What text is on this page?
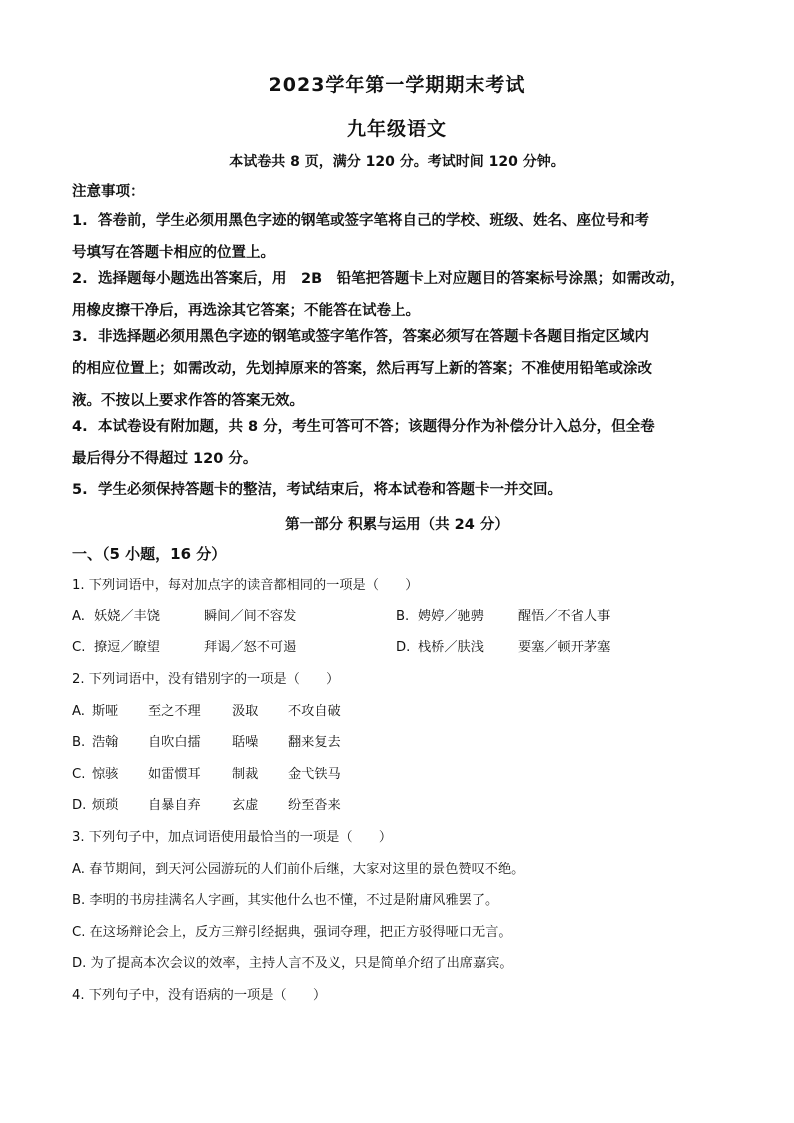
2023学年第一学期期末考试
九年级语文
本试卷共 8 页，满分 120 分。考试时间 120 分钟。
注意事项：
1. 答卷前，学生必须用黑色字迹的钢笔或签字笔将自己的学校、班级、姓名、座位号和考
号填写在答题卡相应的位置上。
2. 选择题每小题选出答案后，用　2B　铅笔把答题卡上对应题目的答案标号涂黑；如需改动，
用橡皮擦干净后，再选涂其它答案；不能答在试卷上。
3. 非选择题必须用黑色字迹的钢笔或签字笔作答，答案必须写在答题卡各题目指定区域内
的相应位置上；如需改动，先划掉原来的答案，然后再写上新的答案；不准使用铅笔或涂改
液。不按以上要求作答的答案无效。
4. 本试卷设有附加题，共 8 分，考生可答可不答；该题得分作为补偿分计入总分，但全卷
最后得分不得超过 120 分。
5. 学生必须保持答题卡的整洁，考试结束后，将本试卷和答题卡一并交回。
第一部分 积累与运用（共 24 分）
一、（5 小题，16 分）
1. 下列词语中，每对加点字的读音都相同的一项是（　　）
A. 妖娆／丰饶	瞬间／间不容发	B. 娉婷／驰骋	醒悟／不省人事
C. 撩逗／瞭望	拜谒／怒不可遏	D. 栈桥／肤浅	要塞／顿开茅塞
2. 下列词语中，没有错别字的一项是（　　）
A. 斯哑 至之不理 汲取 不攻自破
B. 浩翰 自吹白擂 聒噪 翻来复去
C. 惊骇 如雷惯耳 制裁 金弋铁马
D. 烦琐 自暴自弃 玄虚 纷至沓来
3. 下列句子中，加点词语使用最恰当的一项是（　　）
A. 春节期间，到天河公园游玩的人们前仆后继，大家对这里的景色赞叹不绝。
B. 李明的书房挂满名人字画，其实他什么也不懂，不过是附庸风雅罢了。
C. 在这场辩论会上，反方三辩引经据典，强词夺理，把正方驳得哑口无言。
D. 为了提高本次会议的效率，主持人言不及义，只是简单介绍了出席嘉宾。
4. 下列句子中，没有语病的一项是（　　）
